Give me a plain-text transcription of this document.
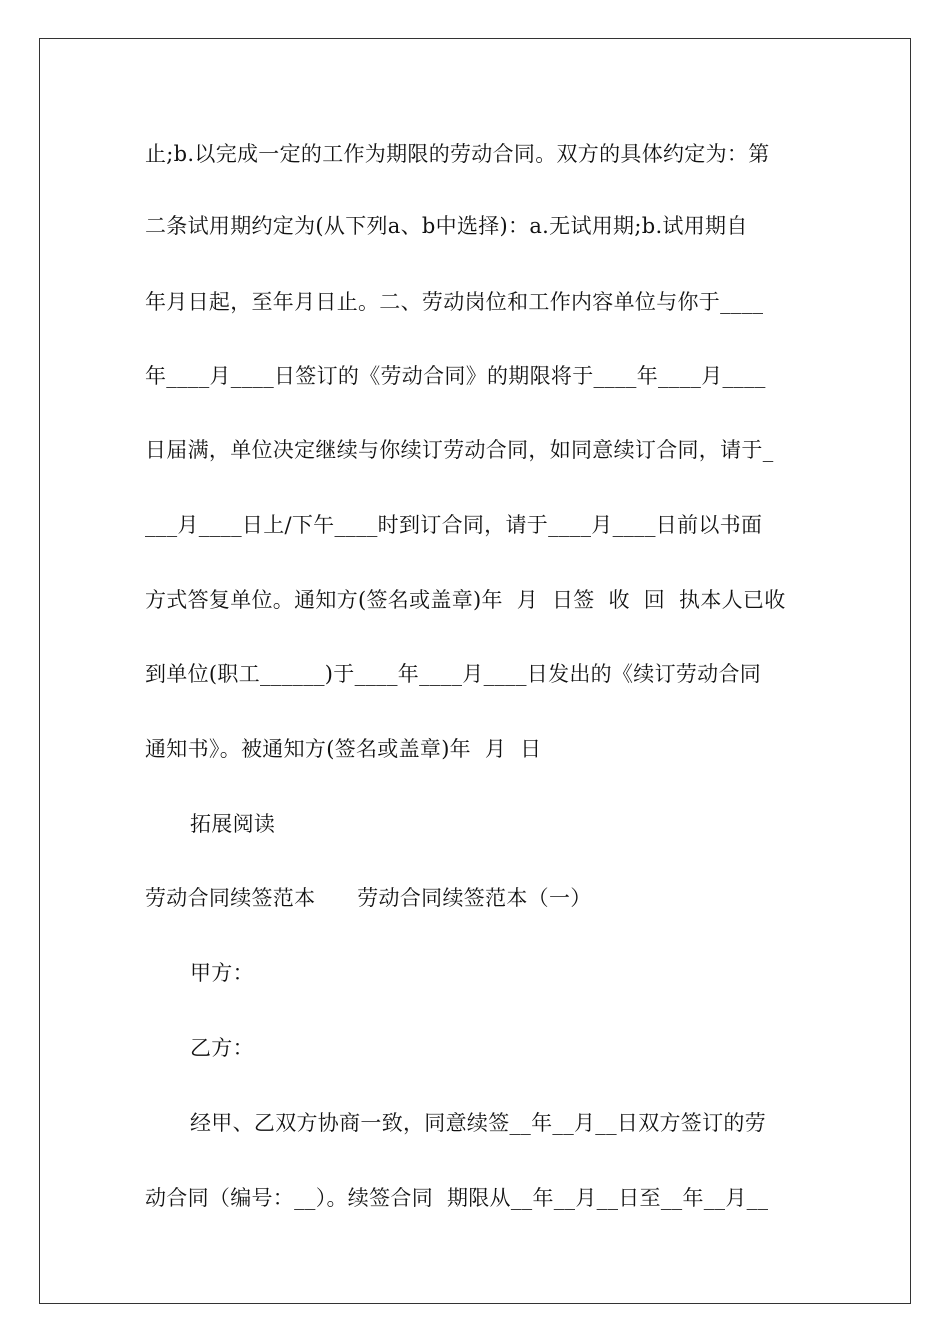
止;b.以完成一定的工作为期限的劳动合同。双方的具体约定为：第
二条试用期约定为(从下列a、b中选择)：a.无试用期;b.试用期自
年月日起，至年月日止。二、劳动岗位和工作内容单位与你于____
年____月____日签订的《劳动合同》的期限将于____年____月____
日届满，单位决定继续与你续订劳动合同，如同意续订合同，请于_
___月____日上/下午____时到订合同，请于____月____日前以书面
方式答复单位。通知方(签名或盖章)年  月  日签  收  回  执本人已收
到单位(职工______)于____年____月____日发出的《续订劳动合同
通知书》。被通知方(签名或盖章)年  月  日
拓展阅读
劳动合同续签范本      劳动合同续签范本（一）
甲方：
乙方：
经甲、乙双方协商一致，同意续签__年__月__日双方签订的劳
动合同（编号：__）。续签合同  期限从__年__月__日至__年__月__
